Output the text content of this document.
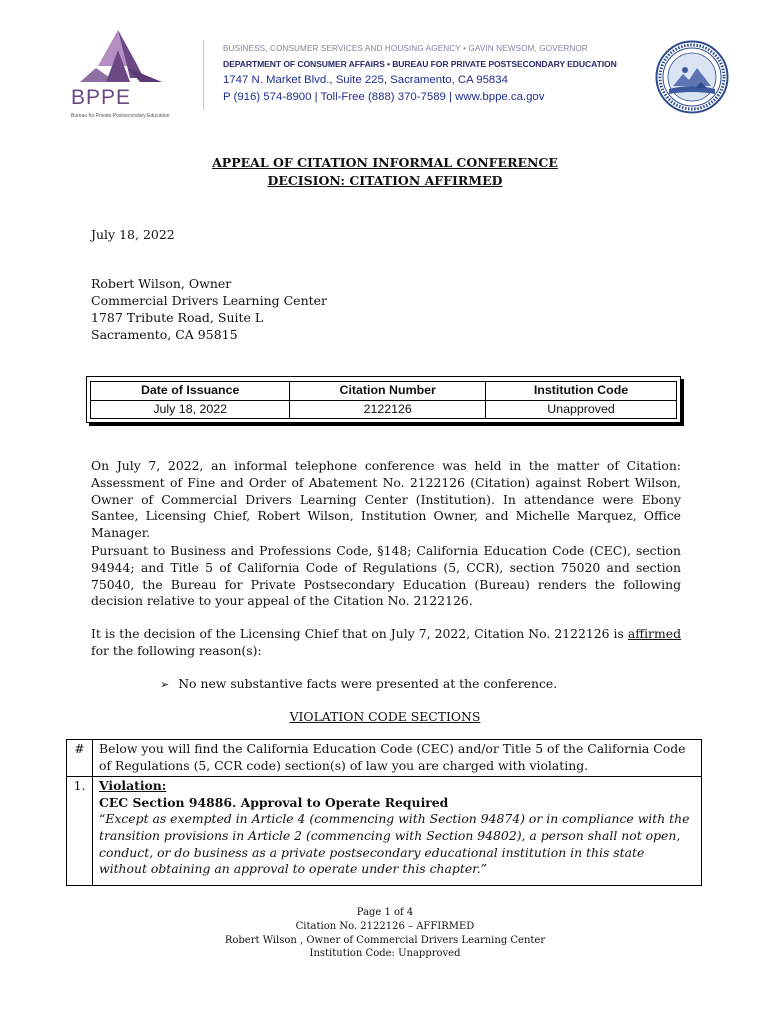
BPPE
Bureau for Private Postsecondary Education
BUSINESS, CONSUMER SERVICES AND HOUSING AGENCY • GAVIN NEWSOM, GOVERNOR
DEPARTMENT OF CONSUMER AFFAIRS • BUREAU FOR PRIVATE POSTSECONDARY EDUCATION
1747 N. Market Blvd., Suite 225, Sacramento, CA 95834
P (916) 574-8900 | Toll-Free (888) 370-7589 | www.bppe.ca.gov
APPEAL OF CITATION INFORMAL CONFERENCE
DECISION: CITATION AFFIRMED
July 18, 2022
Robert Wilson, Owner
Commercial Drivers Learning Center
1787 Tribute Road, Suite L
Sacramento, CA 95815
Date of Issuance	Citation Number	Institution Code
July 18, 2022	2122126	Unapproved

On July 7, 2022, an informal telephone conference was held in the matter of Citation: Assessment of Fine and Order of Abatement No. 2122126 (Citation) against Robert Wilson, Owner of Commercial Drivers Learning Center (Institution). In attendance were Ebony Santee, Licensing Chief, Robert Wilson, Institution Owner, and Michelle Marquez, Office Manager.

Pursuant to Business and Professions Code, §148; California Education Code (CEC), section 94944; and Title 5 of California Code of Regulations (5, CCR), section 75020 and section 75040, the Bureau for Private Postsecondary Education (Bureau) renders the following decision relative to your appeal of the Citation No. 2122126.

It is the decision of the Licensing Chief that on July 7, 2022, Citation No. 2122126 is affirmed for the following reason(s):

➢ No new substantive facts were presented at the conference.
VIOLATION CODE SECTIONS
#	Below you will find the California Education Code (CEC) and/or Title 5 of the California Code of Regulations (5, CCR code) section(s) of law you are charged with violating.
1.	Violation:
CEC Section 94886. Approval to Operate Required
“Except as exempted in Article 4 (commencing with Section 94874) or in compliance with the transition provisions in Article 2 (commencing with Section 94802), a person shall not open, conduct, or do business as a private postsecondary educational institution in this state without obtaining an approval to operate under this chapter.”
Page 1 of 4
Citation No. 2122126 – AFFIRMED
Robert Wilson , Owner of Commercial Drivers Learning Center
Institution Code: Unapproved
